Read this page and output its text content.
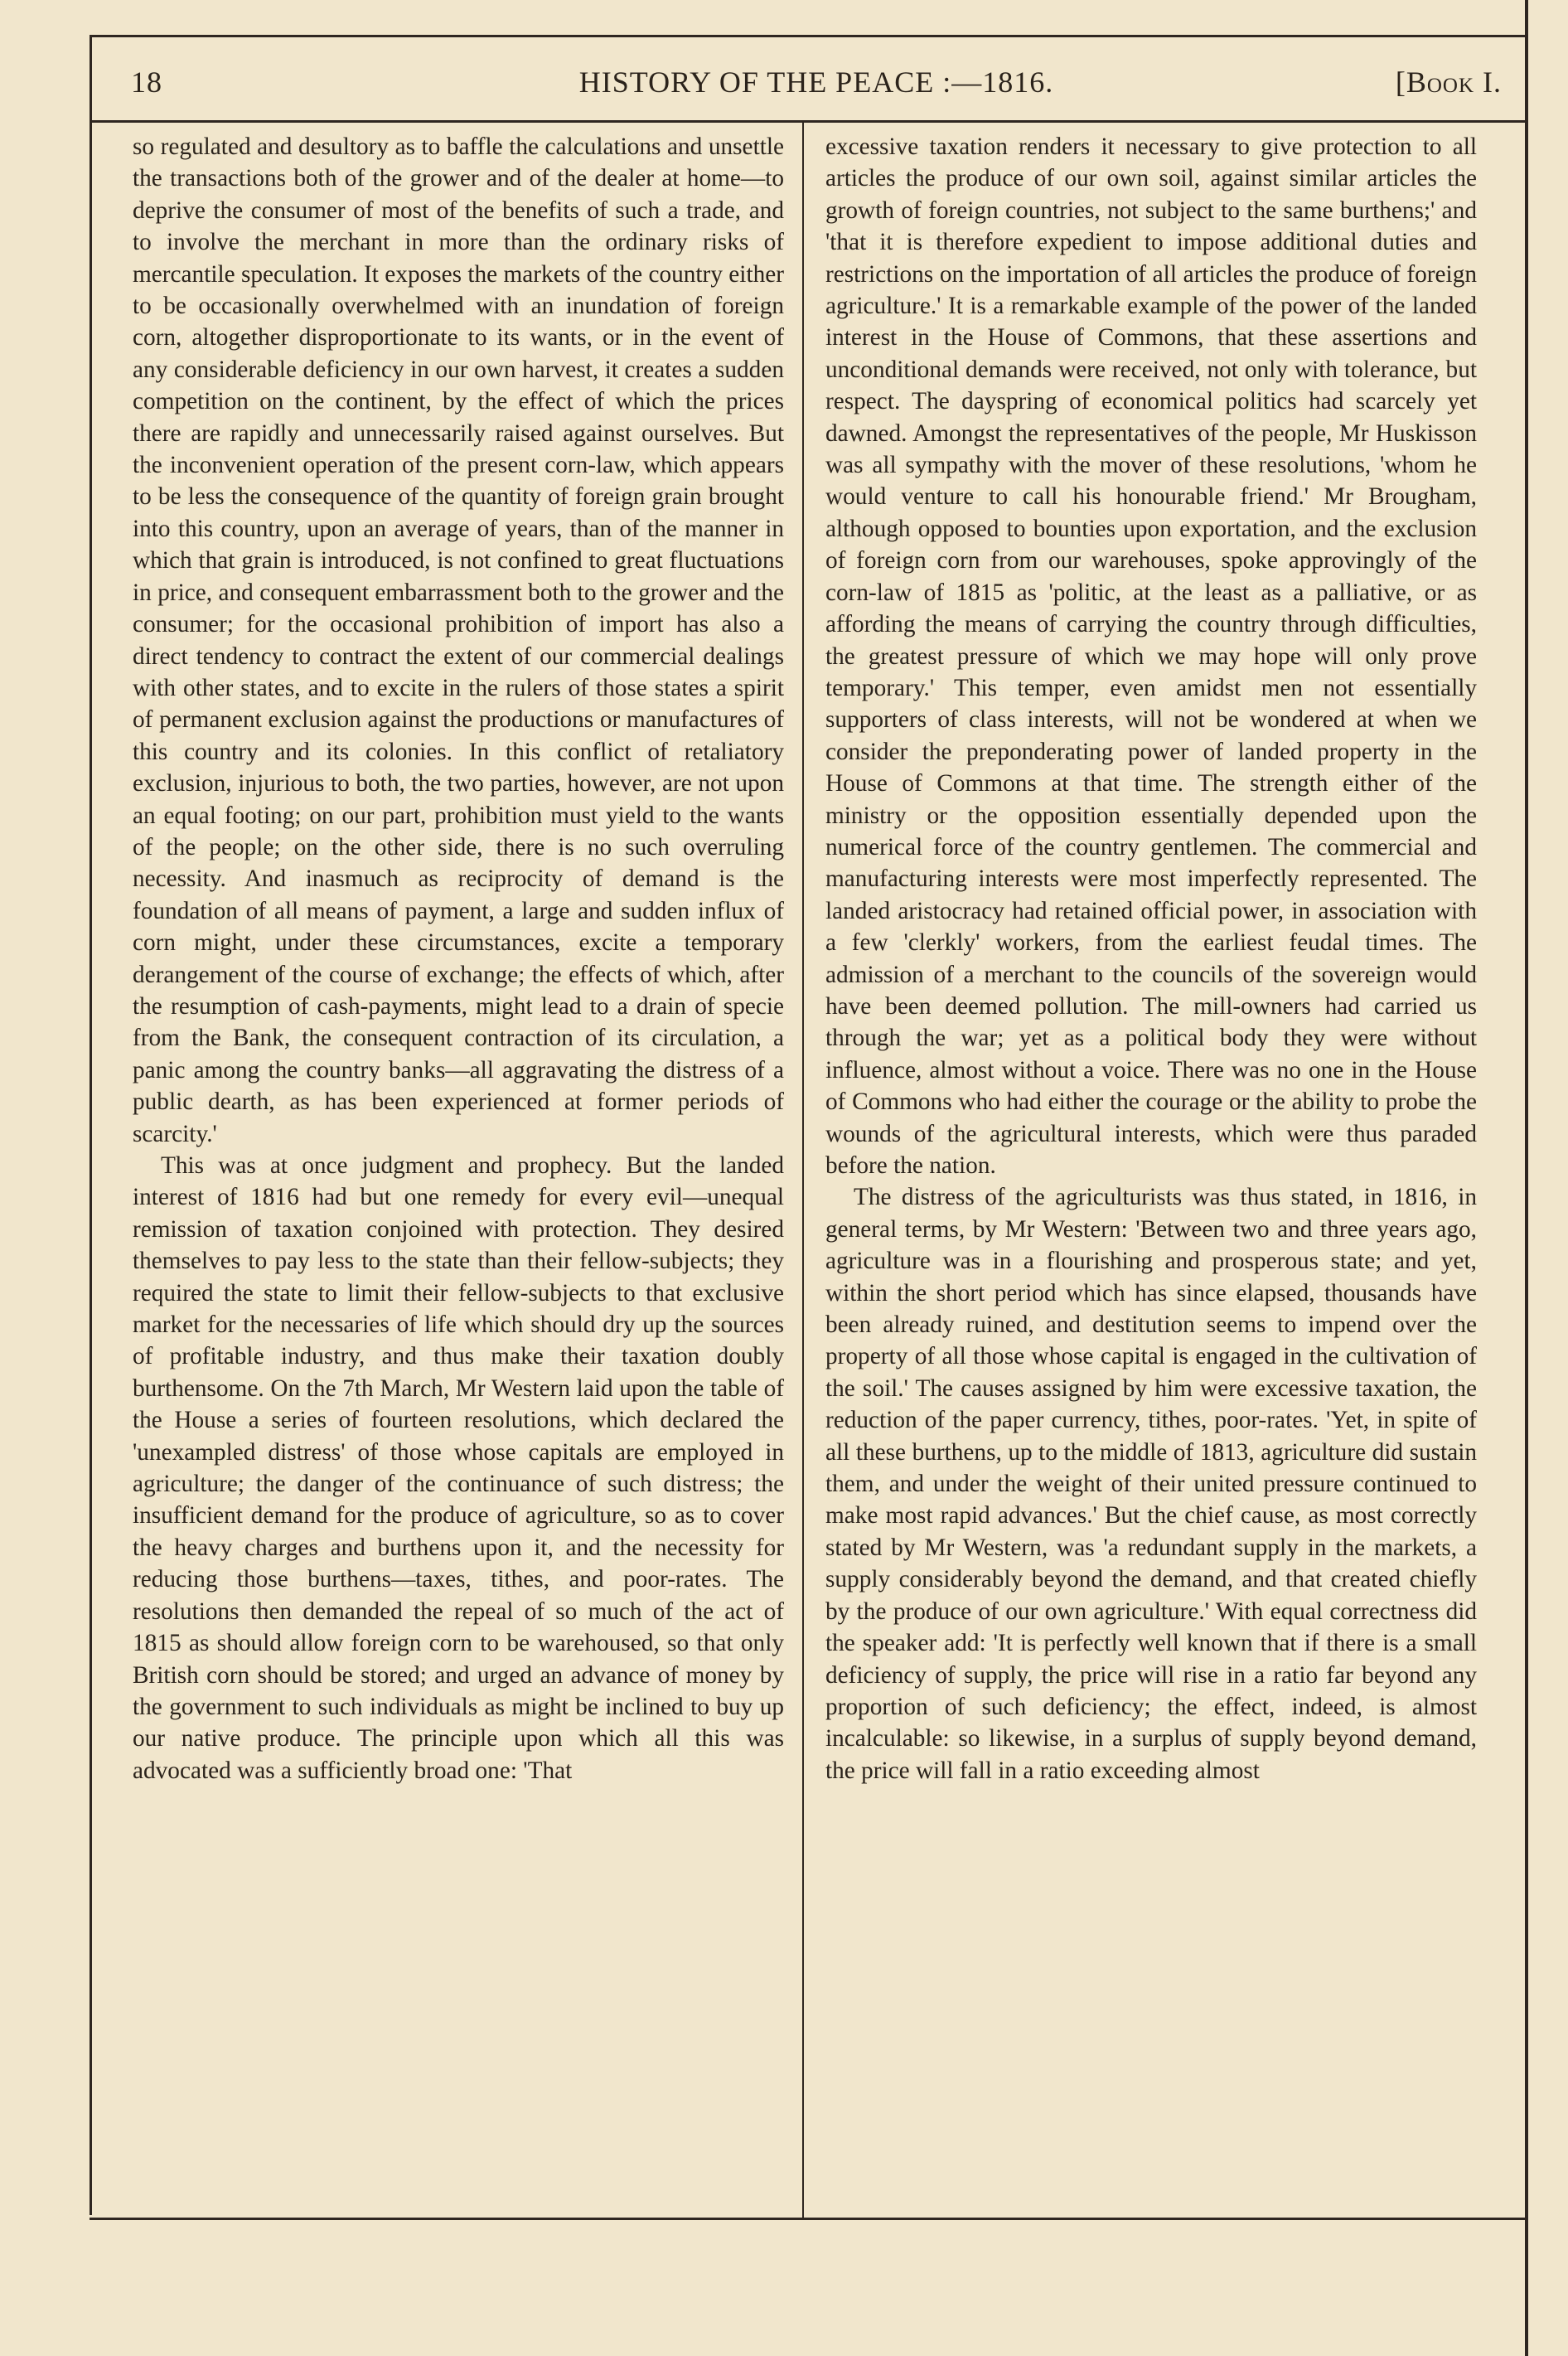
18	HISTORY OF THE PEACE :—1816.	[Book I.

so regulated and desultory as to baffle the calculations and unsettle the transactions both of the grower and of the dealer at home—to deprive the consumer of most of the benefits of such a trade, and to involve the merchant in more than the ordinary risks of mercantile speculation. It exposes the markets of the country either to be occasionally overwhelmed with an inundation of foreign corn, altogether disproportionate to its wants, or in the event of any considerable deficiency in our own harvest, it creates a sudden competition on the continent, by the effect of which the prices there are rapidly and unnecessarily raised against ourselves. But the inconvenient operation of the present corn-law, which appears to be less the consequence of the quantity of foreign grain brought into this country, upon an average of years, than of the manner in which that grain is introduced, is not confined to great fluctuations in price, and consequent embarrassment both to the grower and the consumer; for the occasional prohibition of import has also a direct tendency to contract the extent of our commercial dealings with other states, and to excite in the rulers of those states a spirit of permanent exclusion against the productions or manufactures of this country and its colonies. In this conflict of retaliatory exclusion, injurious to both, the two parties, however, are not upon an equal footing; on our part, prohibition must yield to the wants of the people; on the other side, there is no such overruling necessity. And inasmuch as reciprocity of demand is the foundation of all means of payment, a large and sudden influx of corn might, under these circumstances, excite a temporary derangement of the course of exchange; the effects of which, after the resumption of cash-payments, might lead to a drain of specie from the Bank, the consequent contraction of its circulation, a panic among the country banks—all aggravating the distress of a public dearth, as has been experienced at former periods of scarcity.'

This was at once judgment and prophecy. But the landed interest of 1816 had but one remedy for every evil—unequal remission of taxation conjoined with protection. They desired themselves to pay less to the state than their fellow-subjects; they required the state to limit their fellow-subjects to that exclusive market for the necessaries of life which should dry up the sources of profitable industry, and thus make their taxation doubly burthensome. On the 7th March, Mr Western laid upon the table of the House a series of fourteen resolutions, which declared the 'unexampled distress' of those whose capitals are employed in agriculture; the danger of the continuance of such distress; the insufficient demand for the produce of agriculture, so as to cover the heavy charges and burthens upon it, and the necessity for reducing those burthens—taxes, tithes, and poor-rates. The resolutions then demanded the repeal of so much of the act of 1815 as should allow foreign corn to be warehoused, so that only British corn should be stored; and urged an advance of money by the government to such individuals as might be inclined to buy up our native produce. The principle upon which all this was advocated was a sufficiently broad one: 'That

excessive taxation renders it necessary to give protection to all articles the produce of our own soil, against similar articles the growth of foreign countries, not subject to the same burthens;' and 'that it is therefore expedient to impose additional duties and restrictions on the importation of all articles the produce of foreign agriculture.' It is a remarkable example of the power of the landed interest in the House of Commons, that these assertions and unconditional demands were received, not only with tolerance, but respect. The dayspring of economical politics had scarcely yet dawned. Amongst the representatives of the people, Mr Huskisson was all sympathy with the mover of these resolutions, 'whom he would venture to call his honourable friend.' Mr Brougham, although opposed to bounties upon exportation, and the exclusion of foreign corn from our warehouses, spoke approvingly of the corn-law of 1815 as 'politic, at the least as a palliative, or as affording the means of carrying the country through difficulties, the greatest pressure of which we may hope will only prove temporary.' This temper, even amidst men not essentially supporters of class interests, will not be wondered at when we consider the preponderating power of landed property in the House of Commons at that time. The strength either of the ministry or the opposition essentially depended upon the numerical force of the country gentlemen. The commercial and manufacturing interests were most imperfectly represented. The landed aristocracy had retained official power, in association with a few 'clerkly' workers, from the earliest feudal times. The admission of a merchant to the councils of the sovereign would have been deemed pollution. The mill-owners had carried us through the war; yet as a political body they were without influence, almost without a voice. There was no one in the House of Commons who had either the courage or the ability to probe the wounds of the agricultural interests, which were thus paraded before the nation.

The distress of the agriculturists was thus stated, in 1816, in general terms, by Mr Western: 'Between two and three years ago, agriculture was in a flourishing and prosperous state; and yet, within the short period which has since elapsed, thousands have been already ruined, and destitution seems to impend over the property of all those whose capital is engaged in the cultivation of the soil.' The causes assigned by him were excessive taxation, the reduction of the paper currency, tithes, poor-rates. 'Yet, in spite of all these burthens, up to the middle of 1813, agriculture did sustain them, and under the weight of their united pressure continued to make most rapid advances.' But the chief cause, as most correctly stated by Mr Western, was 'a redundant supply in the markets, a supply considerably beyond the demand, and that created chiefly by the produce of our own agriculture.' With equal correctness did the speaker add: 'It is perfectly well known that if there is a small deficiency of supply, the price will rise in a ratio far beyond any proportion of such deficiency; the effect, indeed, is almost incalculable: so likewise, in a surplus of supply beyond demand, the price will fall in a ratio exceeding almost
